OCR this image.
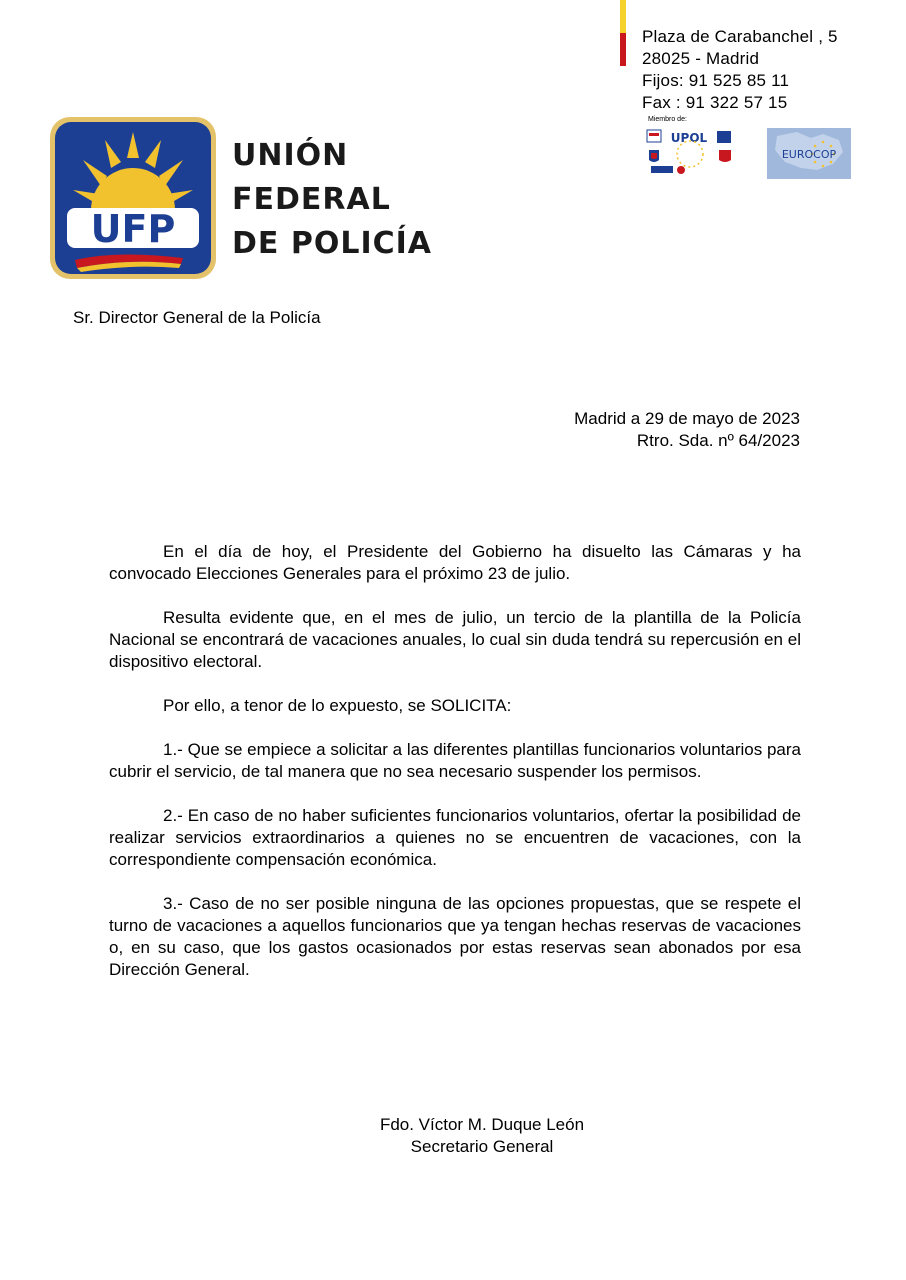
Plaza de Carabanchel , 5
28025 - Madrid
Fijos: 91 525 85 11
Fax : 91 322 57 15
Miembro de:
UPOL
EUROCOP
UFP
UNIÓN
FEDERAL
DE POLICÍA
Sr. Director General de la Policía
Madrid a 29 de mayo de 2023
Rtro. Sda. nº 64/2023

En el día de hoy, el Presidente del Gobierno ha disuelto las Cámaras y ha convocado Elecciones Generales para el próximo 23 de julio.

Resulta evidente que, en el mes de julio, un tercio de la plantilla de la Policía Nacional se encontrará de vacaciones anuales, lo cual sin duda tendrá su repercusión en el dispositivo electoral.

Por ello, a tenor de lo expuesto, se SOLICITA:

1.- Que se empiece a solicitar a las diferentes plantillas funcionarios voluntarios para cubrir el servicio, de tal manera que no sea necesario suspender los permisos.

2.- En caso de no haber suficientes funcionarios voluntarios, ofertar la posibilidad de realizar servicios extraordinarios a quienes no se encuentren de vacaciones, con la correspondiente compensación económica.

3.- Caso de no ser posible ninguna de las opciones propuestas, que se respete el turno de vacaciones a aquellos funcionarios que ya tengan hechas reservas de vacaciones o, en su caso, que los gastos ocasionados por estas reservas sean abonados por esa Dirección General.

Fdo. Víctor M. Duque León
Secretario General
